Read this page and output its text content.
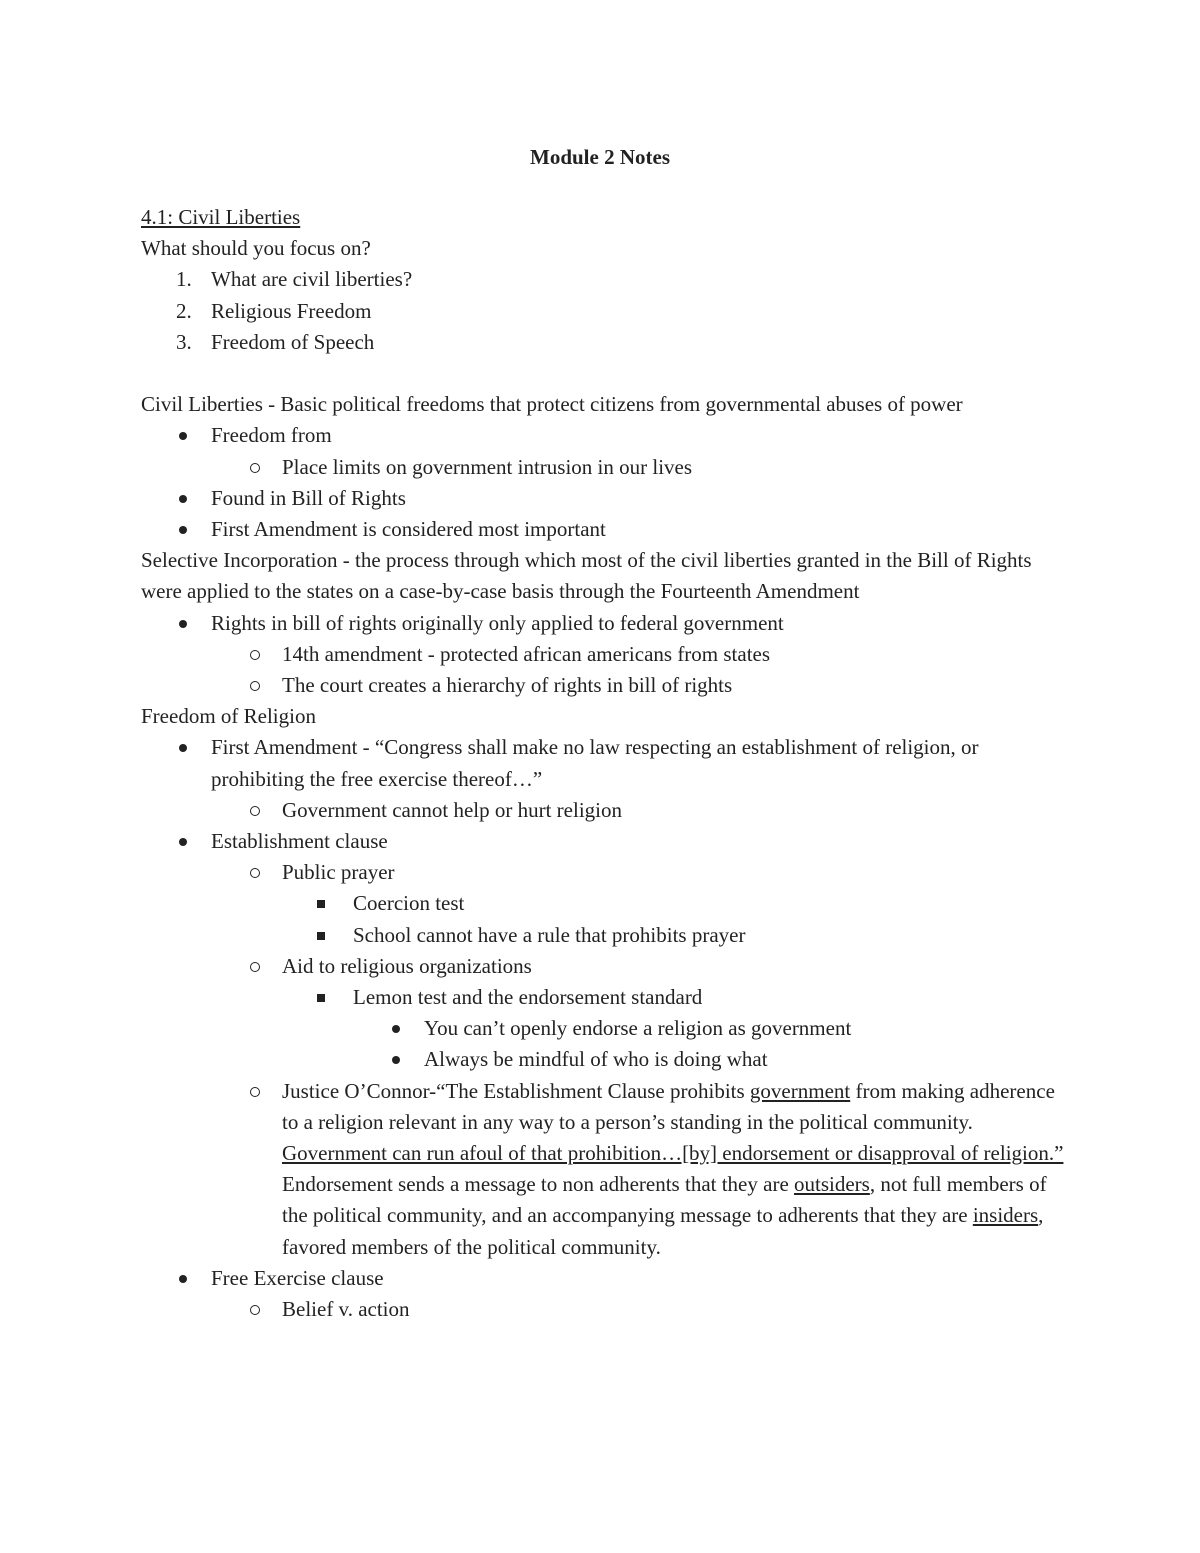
Module 2 Notes
4.1: Civil Liberties
What should you focus on?
1. What are civil liberties?
2. Religious Freedom
3. Freedom of Speech
Civil Liberties - Basic political freedoms that protect citizens from governmental abuses of power
Freedom from
Place limits on government intrusion in our lives
Found in Bill of Rights
First Amendment is considered most important
Selective Incorporation - the process through which most of the civil liberties granted in the Bill of Rights were applied to the states on a case-by-case basis through the Fourteenth Amendment
Rights in bill of rights originally only applied to federal government
14th amendment - protected african americans from states
The court creates a hierarchy of rights in bill of rights
Freedom of Religion
First Amendment - “Congress shall make no law respecting an establishment of religion, or prohibiting the free exercise thereof…”
Government cannot help or hurt religion
Establishment clause
Public prayer
Coercion test
School cannot have a rule that prohibits prayer
Aid to religious organizations
Lemon test and the endorsement standard
You can’t openly endorse a religion as government
Always be mindful of who is doing what
Justice O’Connor-“The Establishment Clause prohibits government from making adherence to a religion relevant in any way to a person’s standing in the political community. Government can run afoul of that prohibition…[by] endorsement or disapproval of religion.” Endorsement sends a message to non adherents that they are outsiders, not full members of the political community, and an accompanying message to adherents that they are insiders, favored members of the political community.
Free Exercise clause
Belief v. action
